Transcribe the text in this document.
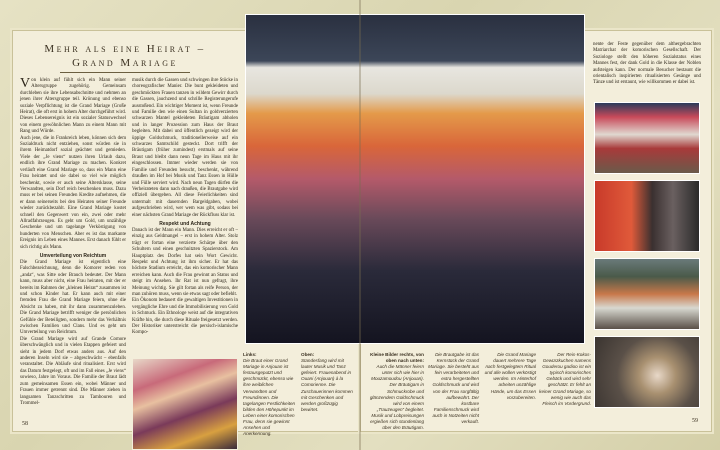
Mehr als eine Heirat –
Grand Mariage

Von klein auf fühlt sich ein Mann seiner Altersgruppe zugehörig. Gemeinsam durchleben sie ihre Lebensabschnitte und nehmen an jenen ihrer Altersgruppe teil. Krönung und ebenso soziale Verpflichtung ist die Grand Mariage (Große Heirat), die oft erst in hohem Alter durchgeführt wird. Dieses Lebensereignis ist ein sozialer Statuswechsel von einem gewöhnlichen Mann zu einem Mann mit Rang und Würde.

Auch jene, die in Frankreich leben, können sich dem Sozialdruck nicht entziehen, sonst würden sie in ihrem Heimatdorf sozial geächtet und gemieden. Viele der „Je viens“ nutzen ihren Urlaub dazu, endlich ihre Grand Mariage zu machen. Konkret verläuft eine Grand Mariage so, dass ein Mann eine Frau heiratet und sie dabei so viel wie möglich beschenkt, sowie er auch seine Altersklasse, seine Verwandten, sein Dorf reich beschenken muss. Dazu muss er bei seinen Freunden Kredite aufnehmen, die er dann seinerseits bei den Heiraten seiner Freunde wieder zurückbezahlt. Eine Grand Mariage kostet schnell den Gegenwert von ein, zwei oder mehr Allradfahrzeugen. Es geht um Gold, um unzählige Geschenke und um tagelange Verköstigung von hunderten von Menschen. Aber es ist das markante Ereignis im Leben eines Mannes. Erst danach fühlt er sich richtig als Mann.

Umverteilung von Reichtum

Die Grand Mariage ist eigentlich eine Falschbezeichnung, denn die Komorer reden von „anda“, was Sitte oder Brauch bedeutet. Der Mann kann, muss aber nicht, eine Frau heiraten, mit der er bereits im Rahmen der „kleinen Heirat“ zusammen ist und schon Kinder hat. Er kann auch mit einer fremden Frau die Grand Mariage feiern, ohne die Absicht zu haben, mit ihr dann zusammenzuleben. Die Grand Mariage betrifft weniger die persönlichen Gefühle der Beteiligten, sondern mehr das Verhältnis zwischen Familien und Clans. Und es geht um Umverteilung von Reichtum.

Die Grand Mariage wird auf Grande Comore überschwänglich und in vielen Etappen gefeiert und sieht in jedem Dorf etwas anders aus. Auf den anderen Inseln wird sie – abgeschwächt – ebenfalls veranstaltet. Die Abläufe sind ritualisiert. Erst wird das Datum festgelegt, oft und im Fall eines „Je viens“ sowieso, Jahre im Voraus. Die Familie der Braut lädt zum gemeinsamen Essen ein, wobei Männer und Frauen immer getrennt sind. Die Männer ziehen in langsamen Tanzschritten zu Tambouren und Trommel-

musik durch die Gassen und schwingen ihre Stöcke in choreografischer Manier. Die bunt gekleideten und geschmückten Frauen tanzen in wildem Gewirr durch die Gassen, jauchzend und schrille Registerungerufe ausstoßend. Ein wichtiger Moment ist, wenn Freunde und Familie den wie einen Sultan in goldverzierten schwarzen Mantel gekleideten Bräutigam abholen und in langer Prozession zum Haus der Braut begleiten. Mit dabei und öffentlich gezeigt wird der üppige Goldschmuck, traditionellerweise auf ein schwarzes Samtschild gesteckt. Dort trifft der Bräutigam (früher zumindest) erstmals auf seine Braut und bleibt dann neun Tage im Haus mit ihr eingeschlossen. Immer wieder werden sie von Familie und Freunden besucht, beschenkt, während draußen im Hof bei Musik und Tanz Essen in Hülle und Fülle serviert wird. Nach neun Tagen dürfen die Verheirateten dann nach draußen, die Brautgabe wird offiziell übergeben. All diese Feierlichkeiten sind untermalt mit dauernden Bargeldgaben, wobei aufgeschrieben wird, wer wem was gibt, sodass bei einer nächsten Grand Mariage der Rückfluss klar ist.

Respekt und Achtung

Danach ist der Mann ein Mann. Dies erreicht er oft – einzig aus Geldmangel – erst in hohem Alter. Stolz trägt er fortan eine verzierte Schärpe über den Schultern und einen geschnitzten Spazierstock. Am Hauptplatz des Dorfes hat sein Wort Gewicht. Respekt und Achtung ist ihm sicher. Er hat das höchste Stadium erreicht, das ein komorischer Mann erreichen kann. Auch die Frau gewinnt an Status und steigt im Ansehen. Ihr Rat ist nun gefragt, ihre Meinung wichtig. Sie gilt fortan als reife Person, der man zuhören muss, wenn sie etwas sagt oder befiehlt.

Ein Ökonom bedauert die gewaltigen Investitionen in vergängliche Ehre und die Immobilisierung von Gold in Schmuck. Ein Ethnologe weist auf die integrativen Kräfte hin, die durch diese Rituale freigesetzt werden. Der Historiker unterstreicht die persisch-islamische Kompo-

nente der Feste gegenüber dem althergebrachten Matriarchat der komorischen Gesellschaft. Der Soziologe stellt den höheren Sozialstatus eines Mannes fest, der dank Gold in die Klasse der Noblen aufsteigen kann. Der normale Besucher bestaunt die orientalisch inspirierten ritualisierten Gesänge und Tänze und ist erstaunt, wie willkommen er dabei ist.

Links:
Die Braut einer Grand Mariage in Anjouan ist festausgeputzt und geschmückt, ebenso wie ihre weiblichen Verwandten und Freundinnen. Die tagelangen Festlichkeiten bilden den Höhepunkt im Leben einer komorischen Frau, denn sie gewinnt Ansehen und Anerkennung.
Oben:
Standesfang wird mit lauter Musik und Tanz gefeiert. Frauenabend in Ouani (Anjouan) à la Comorienne. Die Zuschauerinnen kommen mit Geschenken und werden großzügig bewirtet.
Kleine Bilder rechts, von oben nach unten:
Auch die Männer feiern unter sich wie hier in Mouzamoudou (Anjouan). Der Bräutigam in Schmuckrobe und glänzendem Goldschmuck wird von einem „Trauzeugen“ begleitet. Musik und Lobpreisungen ergießen sich stundenlang über den Bräutigam.
Die Brautgabe ist das Kernstück der Grand Mariage. Sie besteht aus fein verarbeiteten und extra hergestellten Goldschmuck und wird von der Frau sorgfältig aufbewahrt. Der kostbare Familienschmuck wird auch in Notzeiten nicht verkauft.
Die Grand Mariage dauert mehrere Tage nach festgelegtem Ritual und alle wollen verköstigt werden. Im Hinterhof arbeiten unzählige Hände, um das Essen vorzubereiten.
Der Reis-Kokos-Gewürzkuchen namens Gouderou gadioo ist ein typisch komorisches Gebäck und wird sehr geschätzt. Er fehlt an keiner Grand Mariage, so wenig wie auch das Fleisch im Vordergrund.
58	59
